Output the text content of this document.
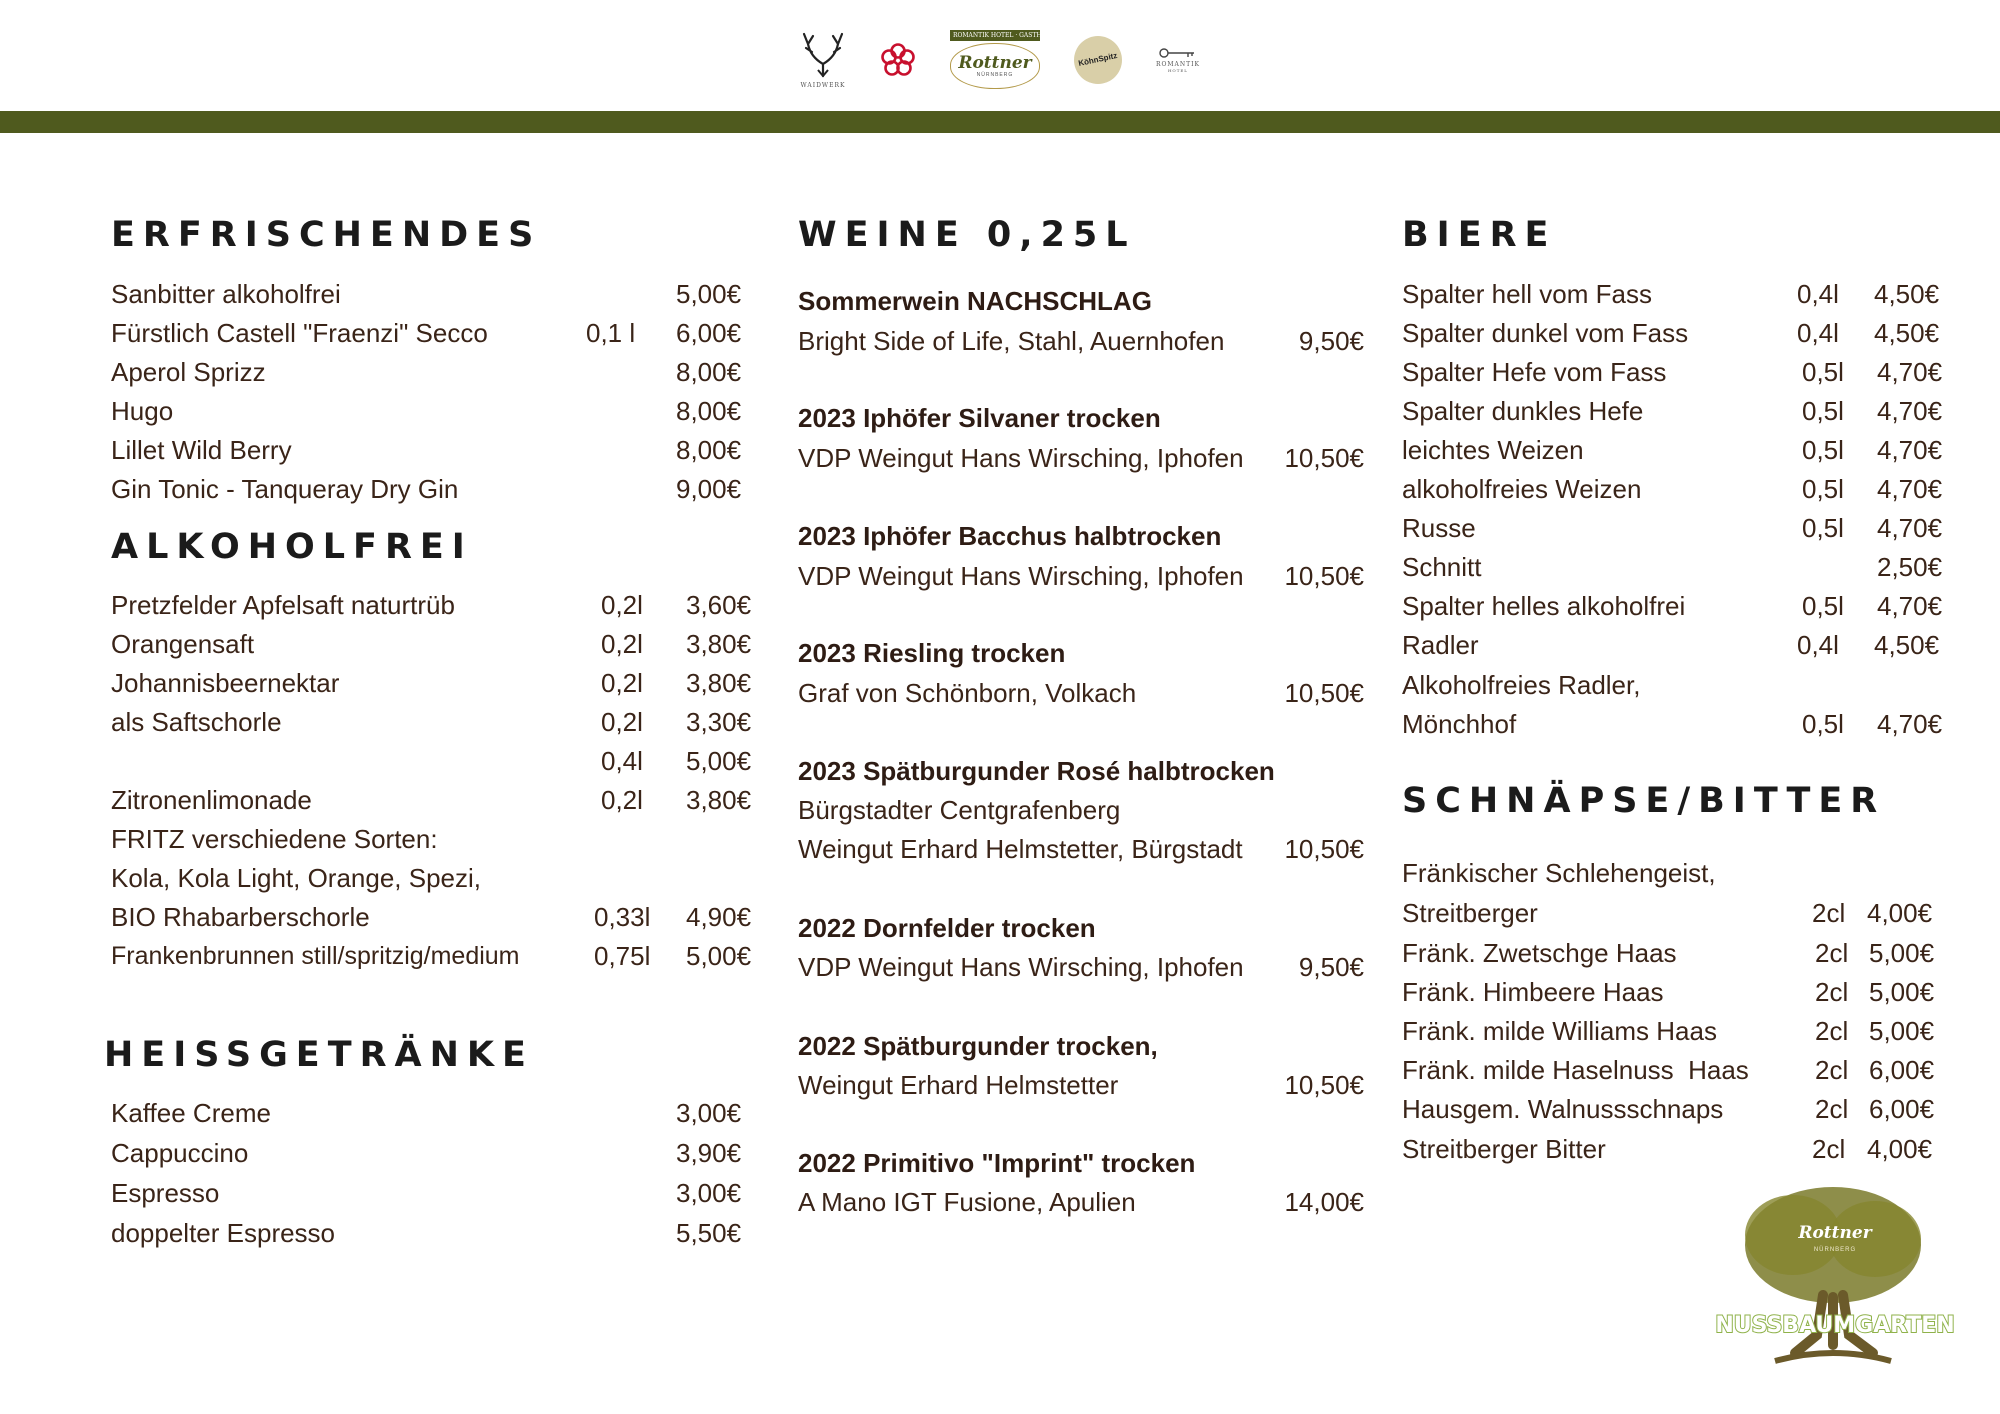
WAIDWERK
ROMANTIK HOTEL · GASTHAUS
Rottner
NÜRNBERG
KöhnSpitz	ROMANTIK
HOTEL
ERFRISCHENDES
Sanbitter alkoholfrei	5,00€
Fürstlich Castell "Fraenzi" Secco	0,1 l 6,00€
Aperol Sprizz	8,00€
Hugo	8,00€
Lillet Wild Berry	8,00€
Gin Tonic - Tanqueray Dry Gin	9,00€
ALKOHOLFREI
Pretzfelder Apfelsaft naturtrüb	0,2l 3,60€
Orangensaft	0,2l 3,80€
Johannisbeernektar	0,2l 3,80€
als Saftschorle	0,2l 3,30€
0,4l 5,00€
Zitronenlimonade	0,2l 3,80€
FRITZ verschiedene Sorten:
Kola, Kola Light, Orange, Spezi,
BIO Rhabarberschorle	0,33l 4,90€
Frankenbrunnen still/spritzig/medium	0,75l 5,00€
HEISSGETRÄNKE
Kaffee Creme	3,00€
Cappuccino	3,90€
Espresso	3,00€
doppelter Espresso	5,50€
WEINE 0,25L
Sommerwein NACHSCHLAG
Bright Side of Life, Stahl, Auernhofen	9,50€
2023 Iphöfer Silvaner trocken
VDP Weingut Hans Wirsching, Iphofen	10,50€
2023 Iphöfer Bacchus halbtrocken
VDP Weingut Hans Wirsching, Iphofen	10,50€
2023 Riesling trocken
Graf von Schönborn, Volkach	10,50€
2023 Spätburgunder Rosé halbtrocken
Bürgstadter Centgrafenberg
Weingut Erhard Helmstetter, Bürgstadt	10,50€
2022 Dornfelder trocken
VDP Weingut Hans Wirsching, Iphofen	9,50€
2022 Spätburgunder trocken,
Weingut Erhard Helmstetter	10,50€
2022 Primitivo "Imprint" trocken
A Mano IGT Fusione, Apulien	14,00€
BIERE
Spalter hell vom Fass	0,4l 4,50€
Spalter dunkel vom Fass	0,4l 4,50€
Spalter Hefe vom Fass	0,5l 4,70€
Spalter dunkles Hefe	0,5l 4,70€
leichtes Weizen	0,5l 4,70€
alkoholfreies Weizen	0,5l 4,70€
Russe	0,5l 4,70€
Schnitt	2,50€
Spalter helles alkoholfrei	0,5l 4,70€
Radler	0,4l 4,50€
Alkoholfreies Radler,
Mönchhof	0,5l 4,70€
SCHNÄPSE/BITTER
Fränkischer Schlehengeist,
Streitberger	2cl 4,00€
Fränk. Zwetschge Haas	2cl 5,00€
Fränk. Himbeere Haas	2cl 5,00€
Fränk. milde Williams Haas	2cl 5,00€
Fränk. milde Haselnuss  Haas	2cl 6,00€
Hausgem. Walnussschnaps	2cl 6,00€
Streitberger Bitter	2cl 4,00€
Rottner
NÜRNBERG
NUSSBAUMGARTEN
